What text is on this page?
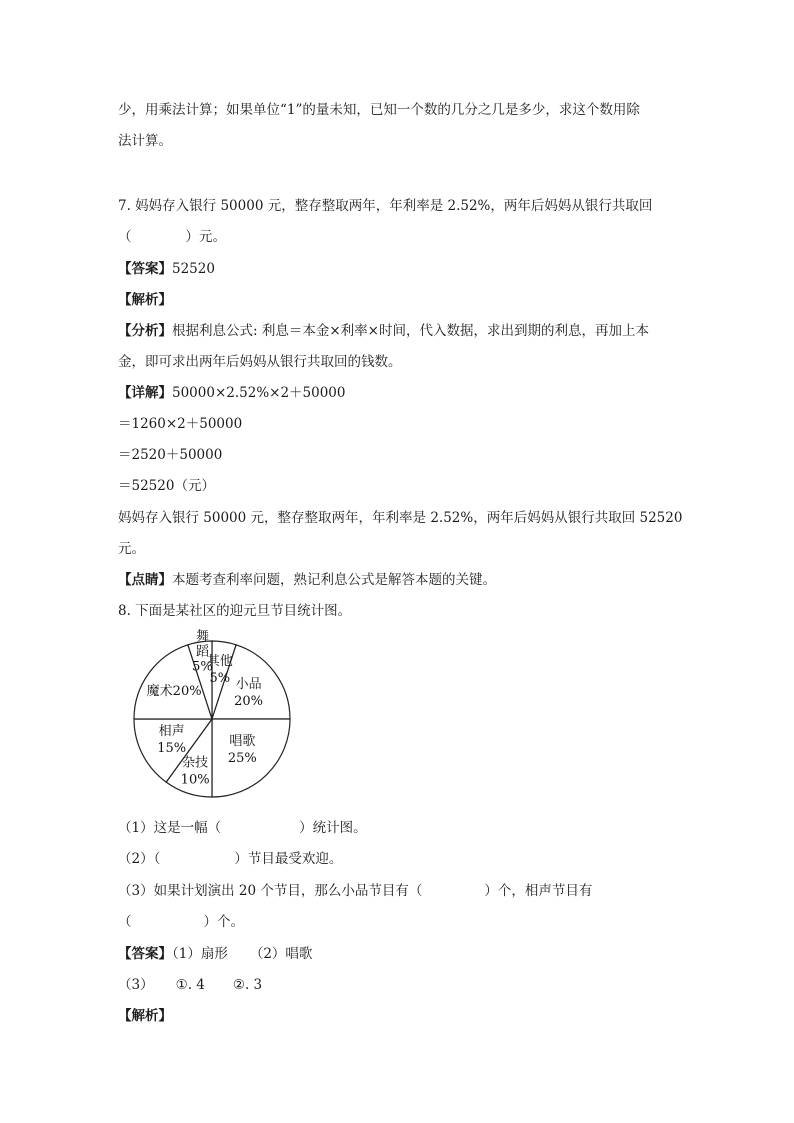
少，用乘法计算；如果单位“1”的量未知，已知一个数的几分之几是多少，求这个数用除
法计算。
7. 妈妈存入银行 50000 元，整存整取两年，年利率是 2.52%，两年后妈妈从银行共取回
（	）元。
【答案】52520
【解析】
【分析】根据利息公式: 利息＝本金×利率×时间，代入数据，求出到期的利息，再加上本
金，即可求出两年后妈妈从银行共取回的钱数。
【详解】50000×2.52%×2＋50000
＝1260×2＋50000
＝2520＋50000
＝52520（元）
妈妈存入银行 50000 元，整存整取两年，年利率是 2.52%，两年后妈妈从银行共取回 52520
元。
【点睛】本题考查利率问题，熟记利息公式是解答本题的关键。
8. 下面是某社区的迎元旦节目统计图。
其他
5% 小品
20%
唱歌
25%
杂技
10%
相声
15%
魔术20%
舞
蹈
5%
（1）这是一幅（	）统计图。
（2）（	）节目最受欢迎。
（3）如果计划演出 20 个节目，那么小品节目有（	）个，相声节目有
（	）个。
【答案】（1）扇形 （2）唱歌
（3） ①. 4 ②. 3
【解析】
